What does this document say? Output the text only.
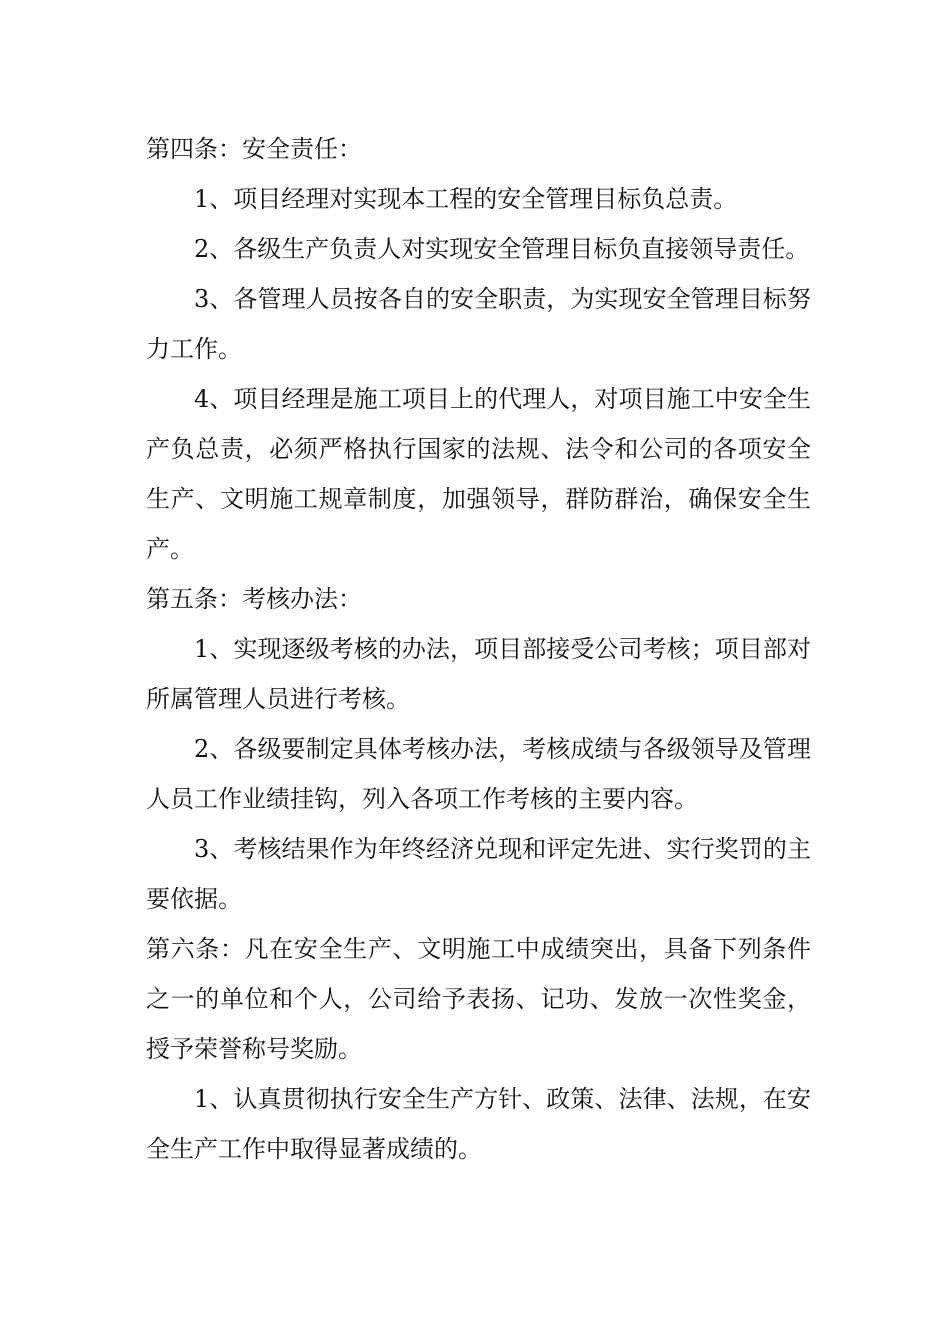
第四条：安全责任：

1、项目经理对实现本工程的安全管理目标负总责。

2、各级生产负责人对实现安全管理目标负直接领导责任。

3、各管理人员按各自的安全职责，为实现安全管理目标努力工作。

4、项目经理是施工项目上的代理人，对项目施工中安全生产负总责，必须严格执行国家的法规、法令和公司的各项安全生产、文明施工规章制度，加强领导，群防群治，确保安全生产。

第五条：考核办法：

1、实现逐级考核的办法，项目部接受公司考核；项目部对所属管理人员进行考核。

2、各级要制定具体考核办法，考核成绩与各级领导及管理人员工作业绩挂钩，列入各项工作考核的主要内容。

3、考核结果作为年终经济兑现和评定先进、实行奖罚的主要依据。

第六条：凡在安全生产、文明施工中成绩突出，具备下列条件之一的单位和个人，公司给予表扬、记功、发放一次性奖金，授予荣誉称号奖励。

1、认真贯彻执行安全生产方针、政策、法律、法规，在安全生产工作中取得显著成绩的。
